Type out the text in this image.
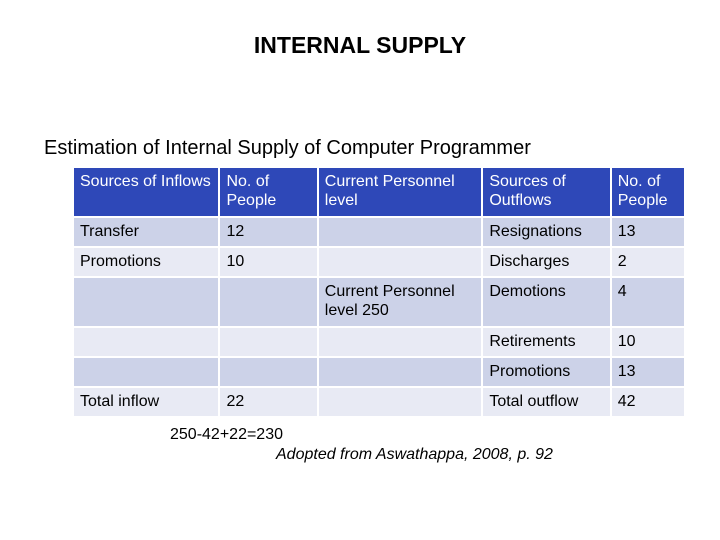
INTERNAL SUPPLY
Estimation of Internal Supply of Computer Programmer
Sources of Inflows	No. of People	Current Personnel level	Sources of Outflows	No. of People
Transfer	12		Resignations	13
Promotions	10		Discharges	2
		Current Personnel level 250	Demotions	4
			Retirements	10
			Promotions	13
Total inflow	22		Total outflow	42
250-42+22=230
Adopted from Aswathappa, 2008, p. 92
